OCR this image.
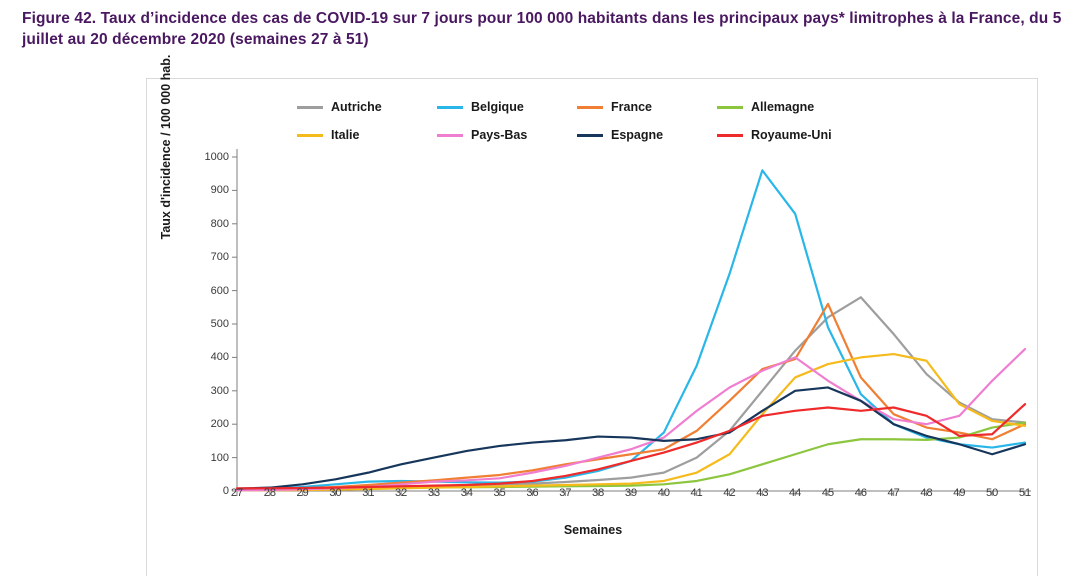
Figure 42. Taux d’incidence des cas de COVID-19 sur 7 jours pour 100 000 habitants dans les principaux pays* limitrophes à la France, du 5 juillet au 20 décembre 2020 (semaines 27 à 51)
Autriche	Belgique	France	Allemagne
Italie	Pays-Bas	Espagne	Royaume-Uni
Taux d'incidence / 100 000 hab.
0
100
200
300
400
500
600
700
800
900
1000
27	28	29	30	31	32	33	34	35	36	37	38	39	40	41	42	43	44	45	46	47	48	49	50	51
Semaines
